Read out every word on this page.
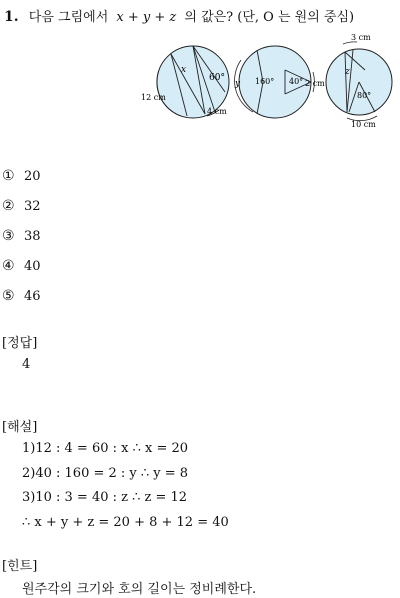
1. 다음 그림에서 x + y + z 의 값은? (단, O 는 원의 중심)
x
60°
12 cm
4 cm
y 160° 40° 2 cm
z
3 cm
80°
10 cm
① 20
② 32
③ 38
④ 40
⑤ 46
[정답]
4
[해설]
1)12 : 4 = 60 : x ∴ x = 20
2)40 : 160 = 2 : y ∴ y = 8
3)10 : 3 = 40 : z ∴ z = 12
∴ x + y + z = 20 + 8 + 12 = 40
[힌트]
원주각의 크기와 호의 길이는 정비례한다.
